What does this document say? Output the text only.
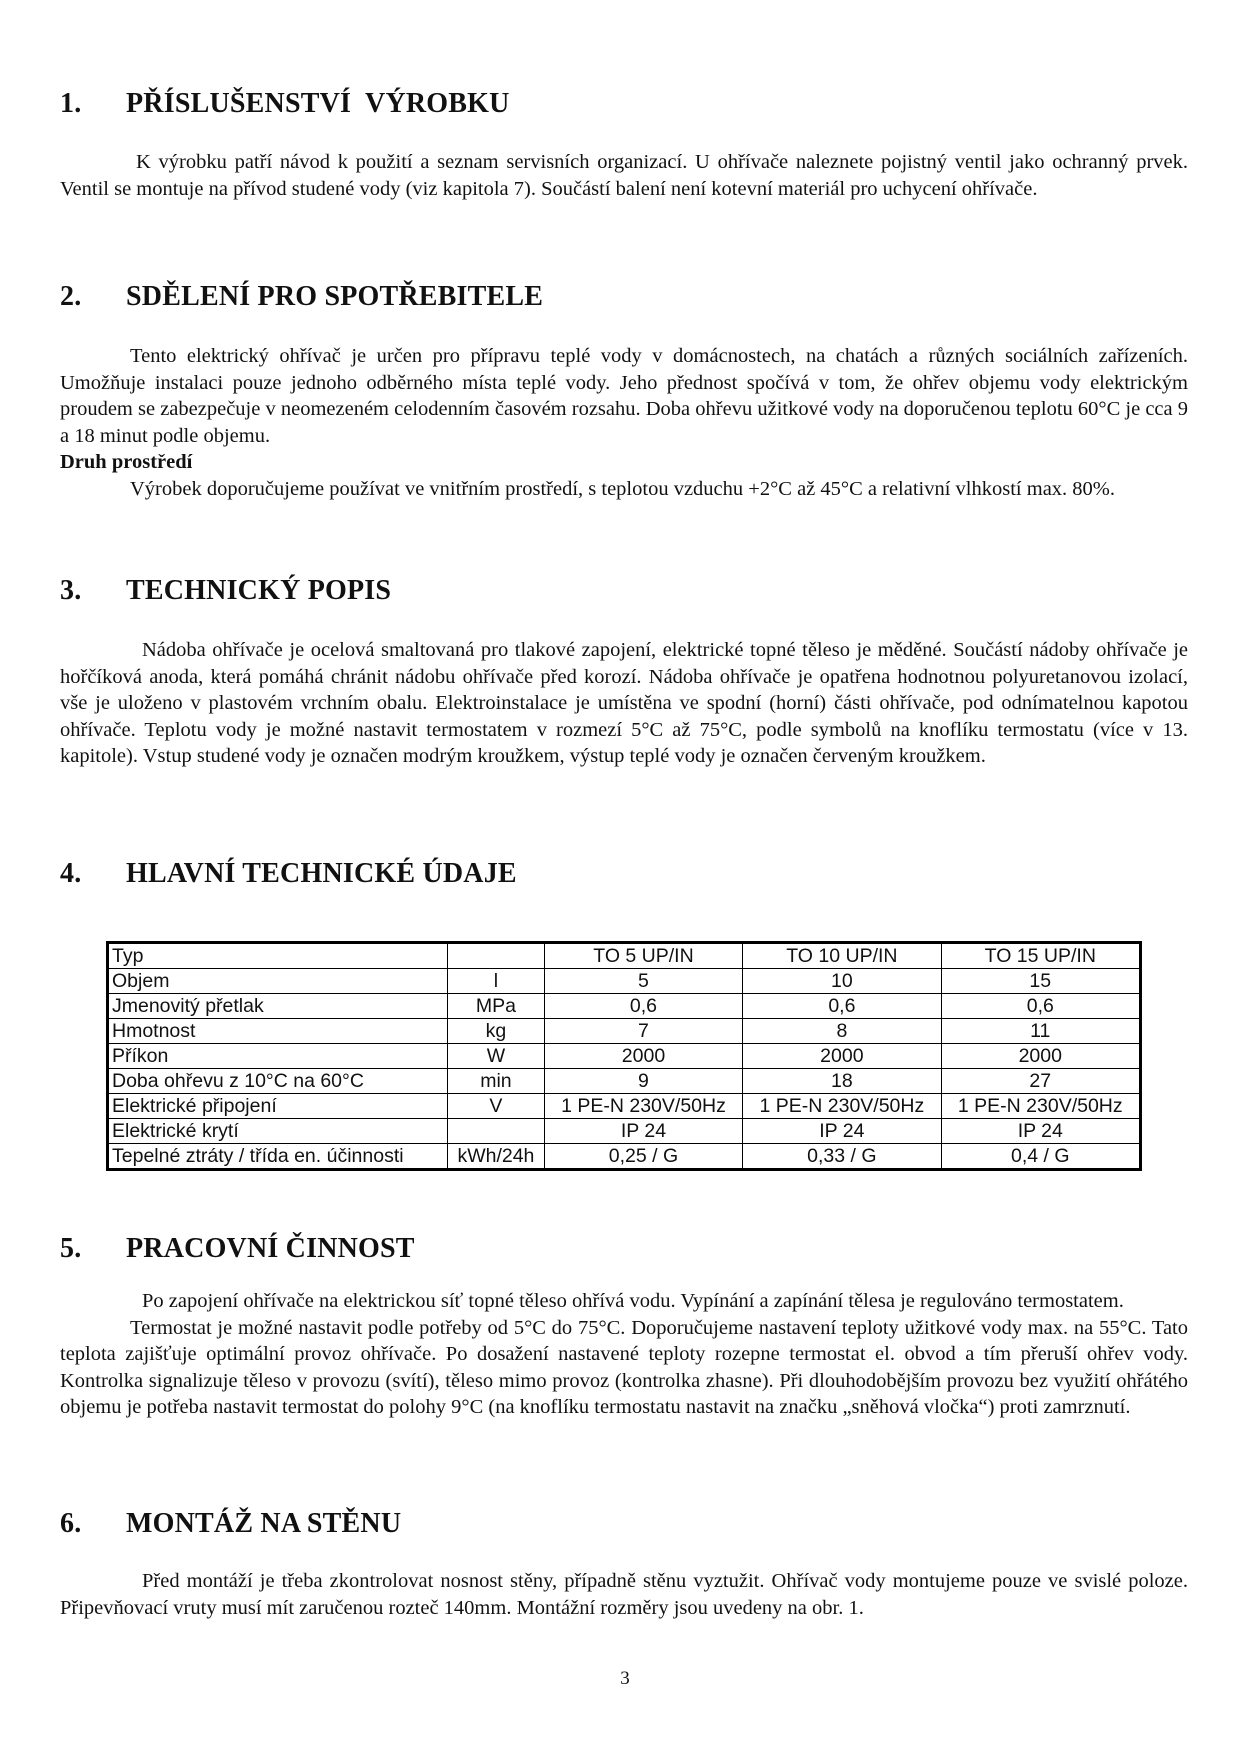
1. PŘÍSLUŠENSTVÍ  VÝROBKU

K výrobku patří návod k použití a seznam servisních organizací. U ohřívače naleznete pojistný ventil jako ochranný prvek. Ventil se montuje na přívod studené vody (viz kapitola 7). Součástí balení není kotevní materiál pro uchycení ohřívače.

2. SDĚLENÍ PRO SPOTŘEBITELE
Tento elektrický ohřívač je určen pro přípravu teplé vody v domácnostech, na chatách a různých sociálních zařízeních. Umožňuje instalaci pouze jednoho odběrného místa teplé vody. Jeho přednost spočívá v tom, že ohřev objemu vody elektrickým proudem se zabezpečuje v neomezeném celodenním časovém rozsahu. Doba ohřevu užitkové vody na doporučenou teplotu 60°C je cca 9 a 18 minut podle objemu.
Druh prostředí
Výrobek doporučujeme používat ve vnitřním prostředí, s teplotou vzduchu +2°C až 45°C a relativní vlhkostí max. 80%.
3. TECHNICKÝ POPIS

Nádoba ohřívače je ocelová smaltovaná pro tlakové zapojení, elektrické topné těleso je měděné. Součástí nádoby ohřívače je hořčíková anoda, která pomáhá chránit nádobu ohřívače před korozí. Nádoba ohřívače je opatřena hodnotnou polyuretanovou izolací, vše je uloženo v plastovém vrchním obalu. Elektroinstalace je umístěna ve spodní (horní) části ohřívače, pod odnímatelnou kapotou ohřívače. Teplotu vody je možné nastavit termostatem v rozmezí 5°C až 75°C, podle symbolů na knoflíku termostatu (více v 13. kapitole). Vstup studené vody je označen modrým kroužkem, výstup teplé vody je označen červeným kroužkem.

4. HLAVNÍ TECHNICKÉ ÚDAJE
Typ		TO 5 UP/IN	TO 10 UP/IN	TO 15 UP/IN
Objem	l	5	10	15
Jmenovitý přetlak	MPa	0,6	0,6	0,6
Hmotnost	kg	7	8	11
Příkon	W	2000	2000	2000
Doba ohřevu z 10°C na 60°C	min	9	18	27
Elektrické připojení	V	1 PE-N 230V/50Hz	1 PE-N 230V/50Hz	1 PE-N 230V/50Hz
Elektrické krytí		IP 24	IP 24	IP 24
Tepelné ztráty / třída en. účinnosti	kWh/24h	0,25 / G	0,33 / G	0,4 / G
5. PRACOVNÍ ČINNOST
Po zapojení ohřívače na elektrickou síť topné těleso ohřívá vodu. Vypínání a zapínání tělesa je regulováno termostatem.
Termostat je možné nastavit podle potřeby od 5°C do 75°C. Doporučujeme nastavení teploty užitkové vody max. na 55°C. Tato teplota zajišťuje optimální provoz ohřívače. Po dosažení nastavené teploty rozepne termostat el. obvod a tím přeruší ohřev vody. Kontrolka signalizuje těleso v provozu (svítí), těleso mimo provoz (kontrolka zhasne). Při dlouhodobějším provozu bez využití ohřátého objemu je potřeba nastavit termostat do polohy 9°C (na knoflíku termostatu nastavit na značku „sněhová vločka“) proti zamrznutí.
6. MONTÁŽ NA STĚNU

Před montáží je třeba zkontrolovat nosnost stěny, případně stěnu vyztužit. Ohřívač vody montujeme pouze ve svislé poloze. Připevňovací vruty musí mít zaručenou rozteč 140mm. Montážní rozměry jsou uvedeny na obr. 1.

3
